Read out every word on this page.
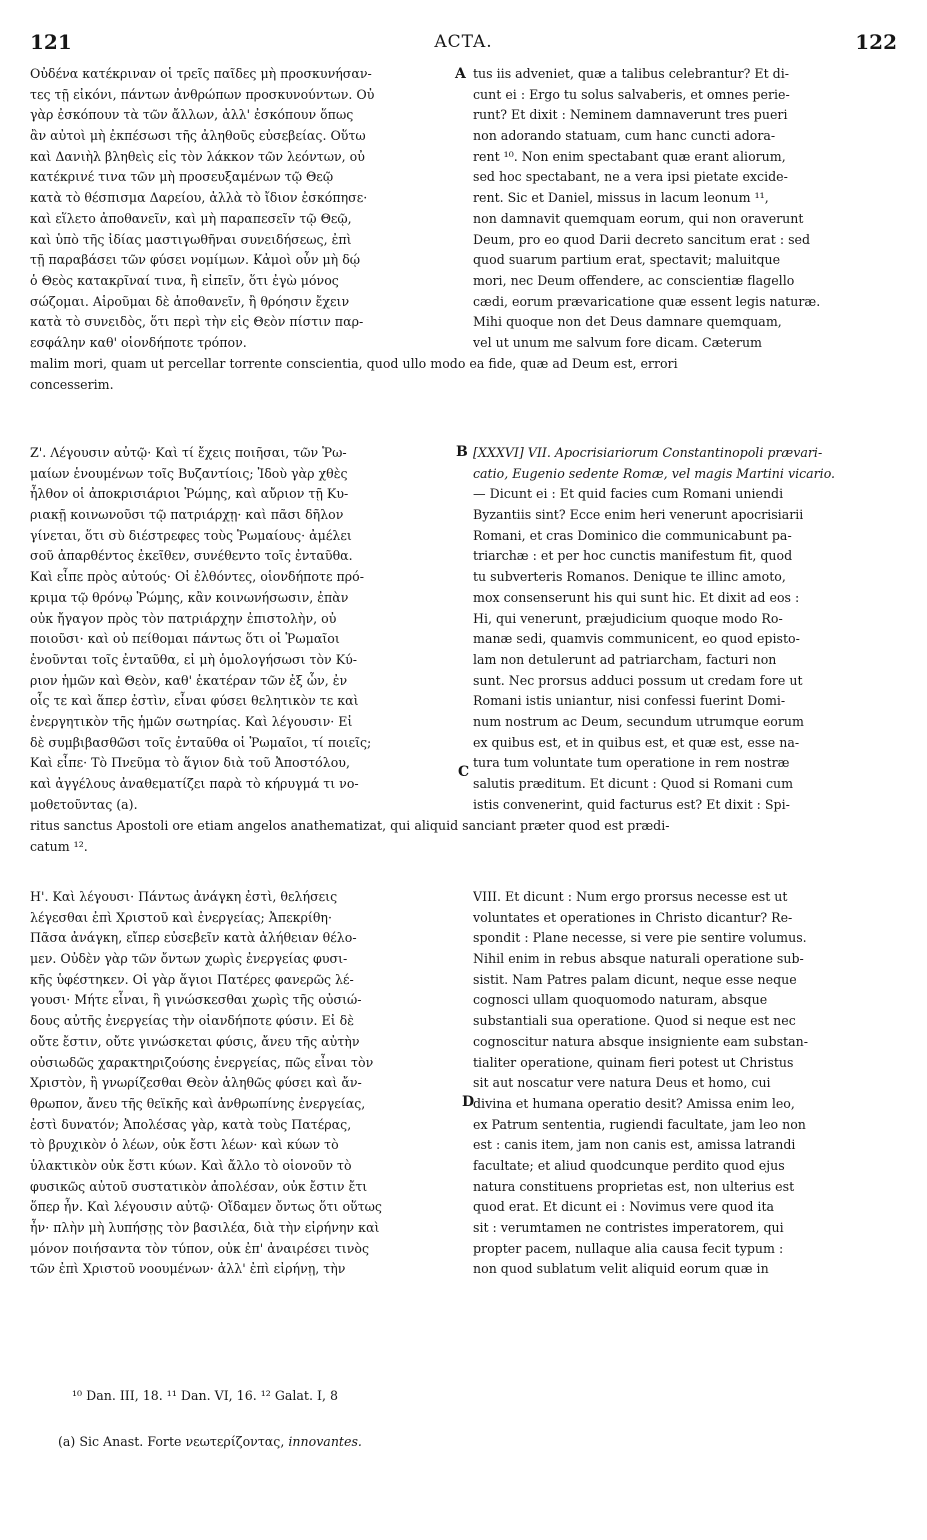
121	ACTA.	122
Οὐδένα κατέκριναν οἱ τρεῖς παῖδες μὴ προσκυνήσαν-
τες τῇ εἰκόνι, πάντων ἀνθρώπων προσκυνούντων. Οὐ
γὰρ ἐσκόπουν τὰ τῶν ἄλλων, ἀλλ' ἐσκόπουν ὅπως
ἂν αὐτοὶ μὴ ἐκπέσωσι τῆς ἀληθοῦς εὐσεβείας. Οὕτω
καὶ Δανιὴλ βληθεὶς εἰς τὸν λάκκον τῶν λεόντων, οὐ
κατέκρινέ τινα τῶν μὴ προσευξαμένων τῷ Θεῷ
κατὰ τὸ θέσπισμα Δαρείου, ἀλλὰ τὸ ἴδιον ἐσκόπησε·
καὶ εἵλετο ἀποθανεῖν, καὶ μὴ παραπεσεῖν τῷ Θεῷ,
καὶ ὑπὸ τῆς ἰδίας μαστιγωθῆναι συνειδήσεως, ἐπὶ
τῇ παραβάσει τῶν φύσει νομίμων. Κἀμοὶ οὖν μὴ δῴ
ὁ Θεὸς κατακρῖναί τινα, ἢ εἰπεῖν, ὅτι ἐγὼ μόνος
σώζομαι. Αἱροῦμαι δὲ ἀποθανεῖν, ἢ θρόησιν ἔχειν
κατὰ τὸ συνειδὸς, ὅτι περὶ τὴν εἰς Θεὸν πίστιν παρ-
εσφάλην καθ' οἱονδήποτε τρόπον.
tus iis adveniet, quæ a talibus celebrantur? Et di-
cunt ei : Ergo tu solus salvaberis, et omnes perie-
runt? Et dixit : Neminem damnaverunt tres pueri
non adorando statuam, cum hanc cuncti adora-
rent ¹⁰. Non enim spectabant quæ erant aliorum,
sed hoc spectabant, ne a vera ipsi pietate excide-
rent. Sic et Daniel, missus in lacum leonum ¹¹,
non damnavit quemquam eorum, qui non oraverunt
Deum, pro eo quod Darii decreto sancitum erat : sed
quod suarum partium erat, spectavit; maluitque
mori, nec Deum offendere, ac conscientiæ flagello
cædi, eorum prævaricatione quæ essent legis naturæ.
Mihi quoque non det Deus damnare quemquam,
vel ut unum me salvum fore dicam. Cæterum
malim mori, quam ut percellar torrente conscientia, quod ullo modo ea fide, quæ ad Deum est, errori
concesserim.
Ζ'. Λέγουσιν αὐτῷ· Καὶ τί ἔχεις ποιῆσαι, τῶν Ῥω-
μαίων ἑνουμένων τοῖς Βυζαντίοις; Ἰδοὺ γὰρ χθὲς
ἦλθον οἱ ἀποκρισιάριοι Ῥώμης, καὶ αὔριον τῇ Κυ-
ριακῇ κοινωνοῦσι τῷ πατριάρχῃ· καὶ πᾶσι δῆλον
γίνεται, ὅτι σὺ διέστρεφες τοὺς Ῥωμαίους· ἀμέλει
σοῦ ἀπαρθέντος ἐκεῖθεν, συνέθεντο τοῖς ἐνταῦθα.
Καὶ εἶπε πρὸς αὐτούς· Οἱ ἐλθόντες, οἱονδήποτε πρό-
κριμα τῷ θρόνῳ Ῥώμης, κἂν κοινωνήσωσιν, ἐπὰν
οὐκ ἤγαγον πρὸς τὸν πατριάρχην ἐπιστολὴν, οὐ
ποιοῦσι· καὶ οὐ πείθομαι πάντως ὅτι οἱ Ῥωμαῖοι
ἑνοῦνται τοῖς ἐνταῦθα, εἰ μὴ ὁμολογήσωσι τὸν Κύ-
ριον ἡμῶν καὶ Θεὸν, καθ' ἑκατέραν τῶν ἐξ ὧν, ἐν
οἷς τε καὶ ἅπερ ἐστὶν, εἶναι φύσει θελητικὸν τε καὶ
ἐνεργητικὸν τῆς ἡμῶν σωτηρίας. Καὶ λέγουσιν· Εἰ
δὲ συμβιβασθῶσι τοῖς ἐνταῦθα οἱ Ῥωμαῖοι, τί ποιεῖς;
Καὶ εἶπε· Τὸ Πνεῦμα τὸ ἅγιον διὰ τοῦ Ἀποστόλου,
καὶ ἀγγέλους ἀναθεματίζει παρὰ τὸ κήρυγμά τι νο-
μοθετοῦντας (a).
[XXXVI] VII. Apocrisiariorum Constantinopoli prævari-
catio, Eugenio sedente Romæ, vel magis Martini vicario.
— Dicunt ei : Et quid facies cum Romani uniendi
Byzantiis sint? Ecce enim heri venerunt apocrisiarii
Romani, et cras Dominico die communicabunt pa-
triarchæ : et per hoc cunctis manifestum fit, quod
tu subverteris Romanos. Denique te illinc amoto,
mox consenserunt his qui sunt hic. Et dixit ad eos :
Hi, qui venerunt, præjudicium quoque modo Ro-
manæ sedi, quamvis communicent, eo quod episto-
lam non detulerunt ad patriarcham, facturi non
sunt. Nec prorsus adduci possum ut credam fore ut
Romani istis uniantur, nisi confessi fuerint Domi-
num nostrum ac Deum, secundum utrumque eorum
ex quibus est, et in quibus est, et quæ est, esse na-
tura tum voluntate tum operatione in rem nostræ
salutis præditum. Et dicunt : Quod si Romani cum
istis convenerint, quid facturus est? Et dixit : Spi-
ritus sanctus Apostoli ore etiam angelos anathematizat, qui aliquid sanciant præter quod est prædi-
catum ¹².
Η'. Καὶ λέγουσι· Πάντως ἀνάγκη ἐστὶ, θελήσεις
λέγεσθαι ἐπὶ Χριστοῦ καὶ ἐνεργείας; Ἀπεκρίθη·
Πᾶσα ἀνάγκη, εἴπερ εὐσεβεῖν κατὰ ἀλήθειαν θέλο-
μεν. Οὐδὲν γὰρ τῶν ὄντων χωρὶς ἐνεργείας φυσι-
κῆς ὑφέστηκεν. Οἱ γὰρ ἅγιοι Πατέρες φανερῶς λέ-
γουσι· Μήτε εἶναι, ἢ γινώσκεσθαι χωρὶς τῆς οὐσιώ-
δους αὐτῆς ἐνεργείας τὴν οἱανδήποτε φύσιν. Εἰ δὲ
οὔτε ἔστιν, οὔτε γινώσκεται φύσις, ἄνευ τῆς αὐτὴν
οὐσιωδῶς χαρακτηριζούσης ἐνεργείας, πῶς εἶναι τὸν
Χριστὸν, ἢ γνωρίζεσθαι Θεὸν ἀληθῶς φύσει καὶ ἄν-
θρωπον, ἄνευ τῆς θεϊκῆς καὶ ἀνθρωπίνης ἐνεργείας,
ἐστὶ δυνατόν; Ἀπολέσας γὰρ, κατὰ τοὺς Πατέρας,
τὸ βρυχικὸν ὁ λέων, οὐκ ἔστι λέων· καὶ κύων τὸ
ὑλακτικὸν οὐκ ἔστι κύων. Καὶ ἄλλο τὸ οἱονοῦν τὸ
φυσικῶς αὐτοῦ συστατικὸν ἀπολέσαν, οὐκ ἔστιν ἔτι
ὅπερ ἦν. Καὶ λέγουσιν αὐτῷ· Οἴδαμεν ὄντως ὅτι οὕτως
ἦν· πλὴν μὴ λυπήσῃς τὸν βασιλέα, διὰ τὴν εἰρήνην καὶ
μόνον ποιήσαντα τὸν τύπον, οὐκ ἐπ' ἀναιρέσει τινὸς
τῶν ἐπὶ Χριστοῦ νοουμένων· ἀλλ' ἐπὶ εἰρήνῃ, τὴν
VIII. Et dicunt : Num ergo prorsus necesse est ut
voluntates et operationes in Christo dicantur? Re-
spondit : Plane necesse, si vere pie sentire volumus.
Nihil enim in rebus absque naturali operatione sub-
sistit. Nam Patres palam dicunt, neque esse neque
cognosci ullam quoquomodo naturam, absque
substantiali sua operatione. Quod si neque est nec
cognoscitur natura absque insigniente eam substan-
tialiter operatione, quinam fieri potest ut Christus
sit aut noscatur vere natura Deus et homo, cui
divina et humana operatio desit? Amissa enim leo,
ex Patrum sententia, rugiendi facultate, jam leo non
est : canis item, jam non canis est, amissa latrandi
facultate; et aliud quodcunque perdito quod ejus
natura constituens proprietas est, non ulterius est
quod erat. Et dicunt ei : Novimus vere quod ita
sit : verumtamen ne contristes imperatorem, qui
propter pacem, nullaque alia causa fecit typum :
non quod sublatum velit aliquid eorum quæ in
A
B
C
D
¹⁰ Dan. III, 18. ¹¹ Dan. VI, 16. ¹² Galat. I, 8
(a) Sic Anast. Forte νεωτερίζοντας, innovantes.
